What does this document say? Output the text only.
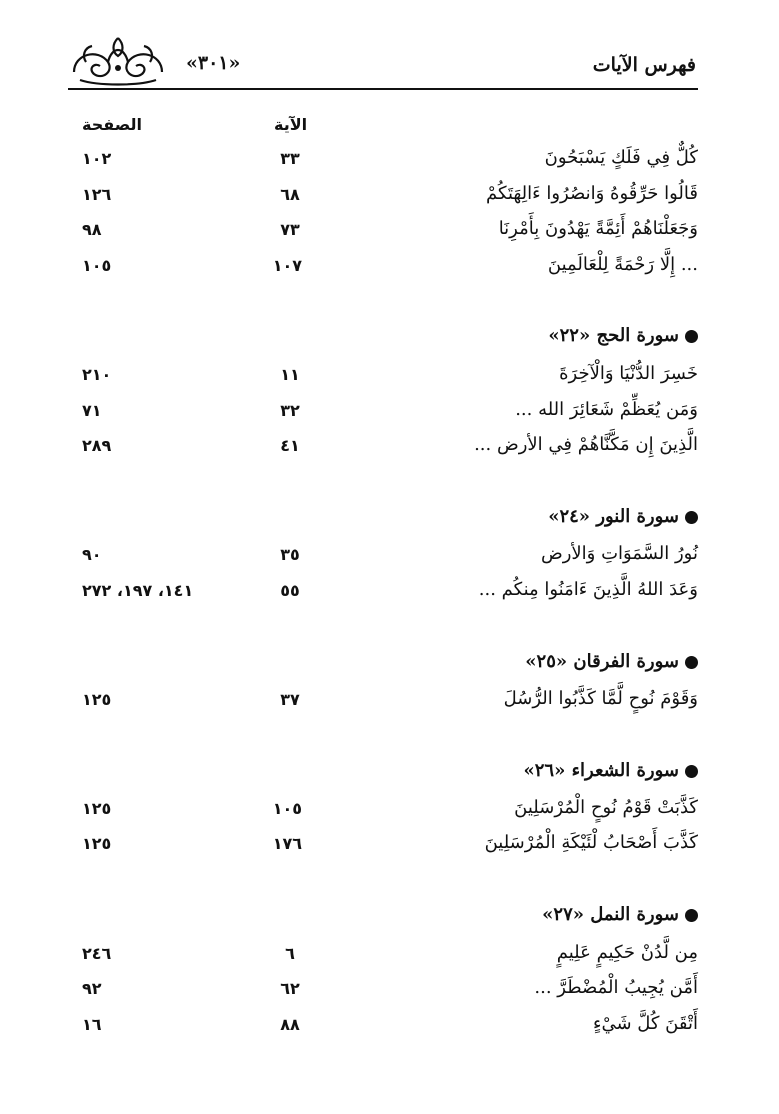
«٣٠١»	فهرس الآيات
الآية
الصفحة
كُلٌّ فِي فَلَكٍ يَسْبَحُونَ
٣٣
١٠٢
قَالُوا حَرِّقُوهُ وَانصُرُوا ءَالِهَتَكُمْ
٦٨
١٢٦
وَجَعَلْنَاهُمْ أَئِمَّةً يَهْدُونَ بِأَمْرِنَا
٧٣
٩٨
... إِلَّا رَحْمَةً لِلْعَالَمِينَ
١٠٧
١٠٥
سورة الحج «٢٢»
خَسِرَ الدُّنْيَا وَالْآخِرَةَ
١١
٢١٠
وَمَن يُعَظِّمْ شَعَائِرَ الله ...
٣٢
٧١
الَّذِينَ إِن مَكَّنَّاهُمْ فِي الأرض ...
٤١
٢٨٩
سورة النور «٢٤»
نُورُ السَّمَوَاتِ وَالأرض
٣٥
٩٠
وَعَدَ اللهُ الَّذِينَ ءَامَنُوا مِنكُم ...
٥٥
١٤١، ١٩٧، ٢٧٢
سورة الفرقان «٢٥»
وَقَوْمَ نُوحٍ لَّمَّا كَذَّبُوا الرُّسُلَ
٣٧
١٢٥
سورة الشعراء «٢٦»
كَذَّبَتْ قَوْمُ نُوحٍ الْمُرْسَلِينَ
١٠٥
١٢٥
كَذَّبَ أَصْحَابُ لْئَيْكَةِ الْمُرْسَلِينَ
١٧٦
١٢٥
سورة النمل «٢٧»
مِن لَّدُنْ حَكِيمٍ عَلِيمٍ
٦
٢٤٦
أَمَّن يُجِيبُ الْمُضْطَرَّ ...
٦٢
٩٢
أَتْقَنَ كُلَّ شَيْءٍ
٨٨
١٦
